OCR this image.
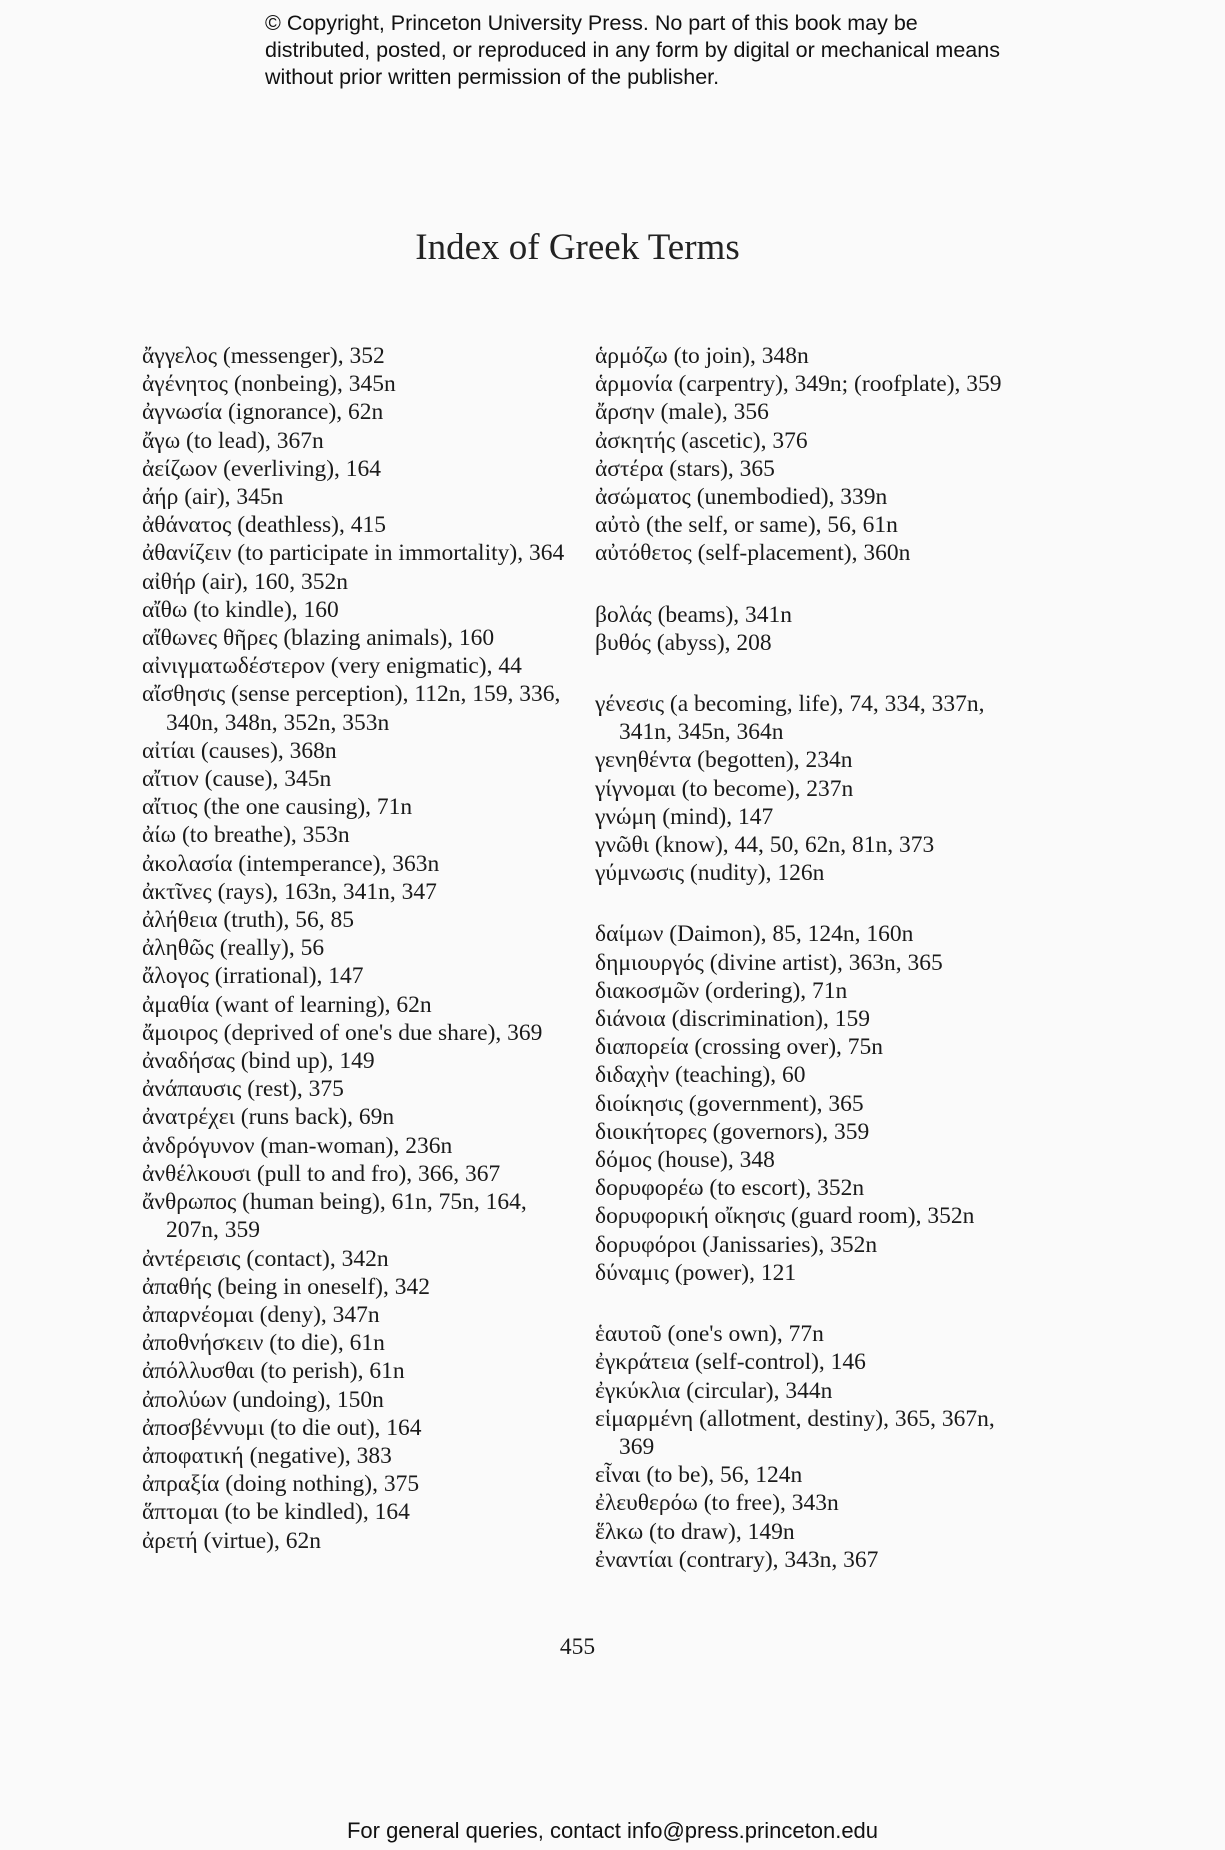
© Copyright, Princeton University Press. No part of this book may be distributed, posted, or reproduced in any form by digital or mechanical means without prior written permission of the publisher.
Index of Greek Terms
ἄγγελος (messenger), 352
ἀγένητος (nonbeing), 345n
ἀγνωσία (ignorance), 62n
ἄγω (to lead), 367n
ἀείζωον (everliving), 164
ἀήρ (air), 345n
ἀθάνατος (deathless), 415
ἀθανίζειν (to participate in immortality), 364
αἰθήρ (air), 160, 352n
αἴθω (to kindle), 160
αἴθωνες θῆρες (blazing animals), 160
αἰνιγματωδέστερον (very enigmatic), 44
αἴσθησις (sense perception), 112n, 159, 336, 340n, 348n, 352n, 353n
αἰτίαι (causes), 368n
αἴτιον (cause), 345n
αἴτιος (the one causing), 71n
ἀίω (to breathe), 353n
ἀκολασία (intemperance), 363n
ἀκτῖνες (rays), 163n, 341n, 347
ἀλήθεια (truth), 56, 85
ἀληθῶς (really), 56
ἄλογος (irrational), 147
ἀμαθία (want of learning), 62n
ἄμοιρος (deprived of one's due share), 369
ἀναδήσας (bind up), 149
ἀνάπαυσις (rest), 375
ἀνατρέχει (runs back), 69n
ἀνδρόγυνον (man-woman), 236n
ἀνθέλκουσι (pull to and fro), 366, 367
ἄνθρωπος (human being), 61n, 75n, 164, 207n, 359
ἀντέρεισις (contact), 342n
ἀπαθής (being in oneself), 342
ἀπαρνέομαι (deny), 347n
ἀποθνήσκειν (to die), 61n
ἀπόλλυσθαι (to perish), 61n
ἀπολύων (undoing), 150n
ἀποσβέννυμι (to die out), 164
ἀποφατική (negative), 383
ἀπραξία (doing nothing), 375
ἅπτομαι (to be kindled), 164
ἀρετή (virtue), 62n
ἁρμόζω (to join), 348n
ἁρμονία (carpentry), 349n; (roofplate), 359
ἄρσην (male), 356
ἀσκητής (ascetic), 376
ἀστέρα (stars), 365
ἀσώματος (unembodied), 339n
αὐτὸ (the self, or same), 56, 61n
αὐτόθετος (self-placement), 360n
βολάς (beams), 341n
βυθός (abyss), 208
γένεσις (a becoming, life), 74, 334, 337n, 341n, 345n, 364n
γενηθέντα (begotten), 234n
γίγνομαι (to become), 237n
γνώμη (mind), 147
γνῶθι (know), 44, 50, 62n, 81n, 373
γύμνωσις (nudity), 126n
δαίμων (Daimon), 85, 124n, 160n
δημιουργός (divine artist), 363n, 365
διακοσμῶν (ordering), 71n
διάνοια (discrimination), 159
διαπορεία (crossing over), 75n
διδαχὴν (teaching), 60
διοίκησις (government), 365
διοικήτορες (governors), 359
δόμος (house), 348
δορυφορέω (to escort), 352n
δορυφορική οἴκησις (guard room), 352n
δορυφόροι (Janissaries), 352n
δύναμις (power), 121
ἑαυτοῦ (one's own), 77n
ἐγκράτεια (self-control), 146
ἐγκύκλια (circular), 344n
εἱμαρμένη (allotment, destiny), 365, 367n, 369
εἶναι (to be), 56, 124n
ἐλευθερόω (to free), 343n
ἕλκω (to draw), 149n
ἐναντίαι (contrary), 343n, 367
455
For general queries, contact info@press.princeton.edu
